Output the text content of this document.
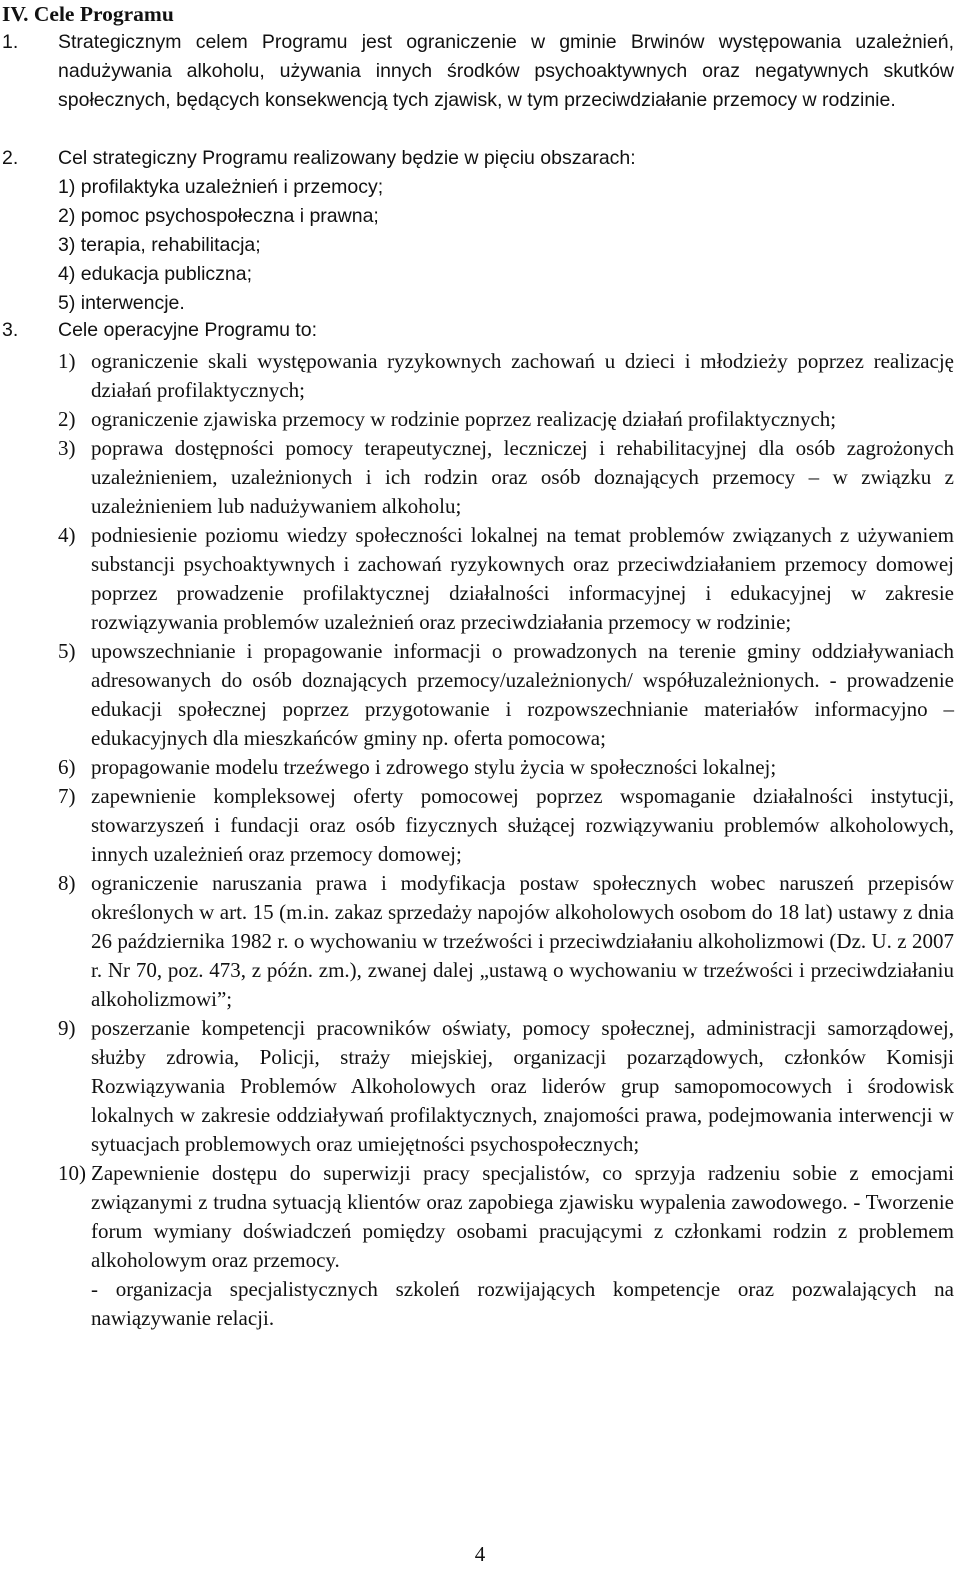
IV. Cele Programu
1. Strategicznym celem Programu jest ograniczenie w gminie Brwinów występowania uzależnień, nadużywania alkoholu, używania innych środków psychoaktywnych oraz negatywnych skutków społecznych, będących konsekwencją tych zjawisk, w tym przeciwdziałanie przemocy w rodzinie.
2. Cel strategiczny Programu realizowany będzie w pięciu obszarach:
1) profilaktyka uzależnień i przemocy;
2) pomoc psychospołeczna i prawna;
3) terapia, rehabilitacja;
4) edukacja publiczna;
5) interwencje.
3. Cele operacyjne Programu to:
1) ograniczenie skali występowania ryzykownych zachowań u dzieci i młodzieży poprzez realizację działań profilaktycznych;
2) ograniczenie zjawiska przemocy w rodzinie poprzez realizację działań profilaktycznych;
3) poprawa dostępności pomocy terapeutycznej, leczniczej i rehabilitacyjnej dla osób zagrożonych uzależnieniem, uzależnionych i ich rodzin oraz osób doznających przemocy – w związku z uzależnieniem lub nadużywaniem alkoholu;
4) podniesienie poziomu wiedzy społeczności lokalnej na temat problemów związanych z używaniem substancji psychoaktywnych i zachowań ryzykownych oraz przeciwdziałaniem przemocy domowej poprzez prowadzenie profilaktycznej działalności informacyjnej i edukacyjnej w zakresie rozwiązywania problemów uzależnień oraz przeciwdziałania przemocy w rodzinie;
5) upowszechnianie i propagowanie informacji o prowadzonych na terenie gminy oddziaływaniach adresowanych do osób doznających przemocy/uzależnionych/ współuzależnionych. - prowadzenie edukacji społecznej poprzez przygotowanie i rozpowszechnianie materiałów informacyjno – edukacyjnych dla mieszkańców gminy np. oferta pomocowa;
6) propagowanie modelu trzeźwego i zdrowego stylu życia w społeczności lokalnej;
7) zapewnienie kompleksowej oferty pomocowej poprzez wspomaganie działalności instytucji, stowarzyszeń i fundacji oraz osób fizycznych służącej rozwiązywaniu problemów alkoholowych, innych uzależnień oraz przemocy domowej;
8) ograniczenie naruszania prawa i modyfikacja postaw społecznych wobec naruszeń przepisów określonych w art. 15 (m.in. zakaz sprzedaży napojów alkoholowych osobom do 18 lat) ustawy z dnia 26 października 1982 r. o wychowaniu w trzeźwości i przeciwdziałaniu alkoholizmowi (Dz. U. z 2007 r. Nr 70, poz. 473, z późn. zm.), zwanej dalej „ustawą o wychowaniu w trzeźwości i przeciwdziałaniu alkoholizmowi”;
9) poszerzanie kompetencji pracowników oświaty, pomocy społecznej, administracji samorządowej, służby zdrowia, Policji, straży miejskiej, organizacji pozarządowych, członków Komisji Rozwiązywania Problemów Alkoholowych oraz liderów grup samopomocowych i środowisk lokalnych w zakresie oddziaływań profilaktycznych, znajomości prawa, podejmowania interwencji w sytuacjach problemowych oraz umiejętności psychospołecznych;
10) Zapewnienie dostępu do superwizji pracy specjalistów, co sprzyja radzeniu sobie z emocjami związanymi z trudna sytuacją klientów oraz zapobiega zjawisku wypalenia zawodowego. - Tworzenie forum wymiany doświadczeń pomiędzy osobami pracującymi z członkami rodzin z problemem alkoholowym oraz przemocy.
- organizacja specjalistycznych szkoleń rozwijających kompetencje oraz pozwalających na nawiązywanie relacji.
4
